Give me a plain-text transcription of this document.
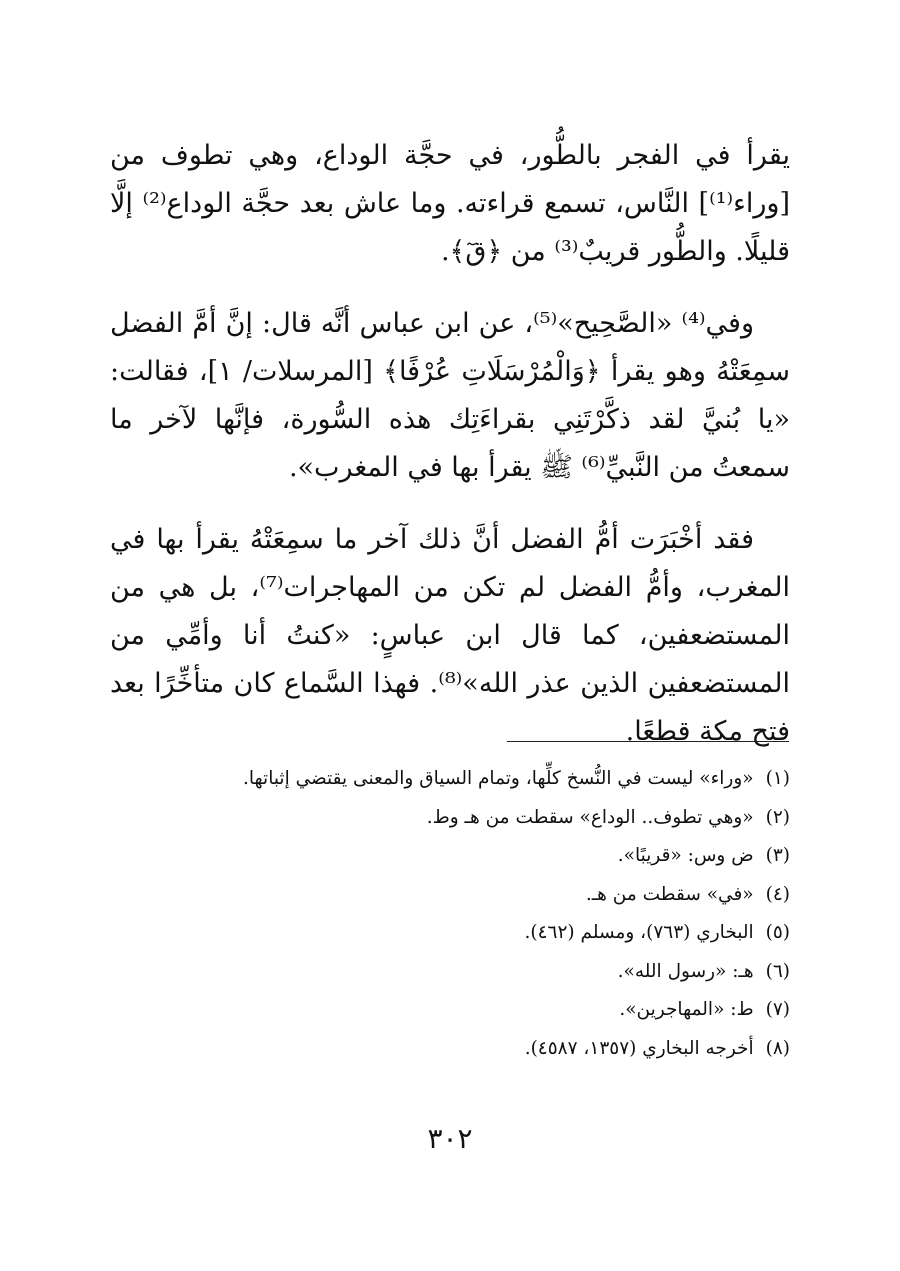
يقرأ في الفجر بالطُّور، في حجَّة الوداع، وهي تطوف من [وراء⁽¹⁾] النَّاس، تسمع قراءته. وما عاش بعد حجَّة الوداع⁽²⁾ إلَّا قليلًا. والطُّور قريبٌ⁽³⁾ من ﴿قٓ﴾.

وفي⁽⁴⁾ «الصَّحِيح»⁽⁵⁾، عن ابن عباس أنَّه قال: إنَّ أمَّ الفضل سمِعَتْهُ وهو يقرأ ﴿وَالْمُرْسَلَاتِ عُرْفًا﴾ [المرسلات/ ١]، فقالت: «يا بُنيَّ لقد ذكَّرْتَنِي بقراءَتِك هذه السُّورة، فإنَّها لآخر ما سمعتُ من النَّبيِّ⁽⁶⁾ ﷺ يقرأ بها في المغرب».

فقد أخْبَرَت أمُّ الفضل أنَّ ذلك آخر ما سمِعَتْهُ يقرأ بها في المغرب، وأمُّ الفضل لم تكن من المهاجرات⁽⁷⁾، بل هي من المستضعفين، كما قال ابن عباسٍ: «كنتُ أنا وأمِّي من المستضعفين الذين عذر الله»⁽⁸⁾. فهذا السَّماع كان متأخِّرًا بعد فتح مكة قطعًا.

(١)«وراء» ليست في النُّسخ كلِّها، وتمام السياق والمعنى يقتضي إثباتها.
(٢)«وهي تطوف.. الوداع» سقطت من هـ وط.
(٣)ض وس: «قريبًا».
(٤)«في» سقطت من هـ.
(٥)البخاري (٧٦٣)، ومسلم (٤٦٢).
(٦)هـ: «رسول الله».
(٧)ط: «المهاجرين».
(٨)أخرجه البخاري (١٣٥٧، ٤٥٨٧).
٣٠٢
